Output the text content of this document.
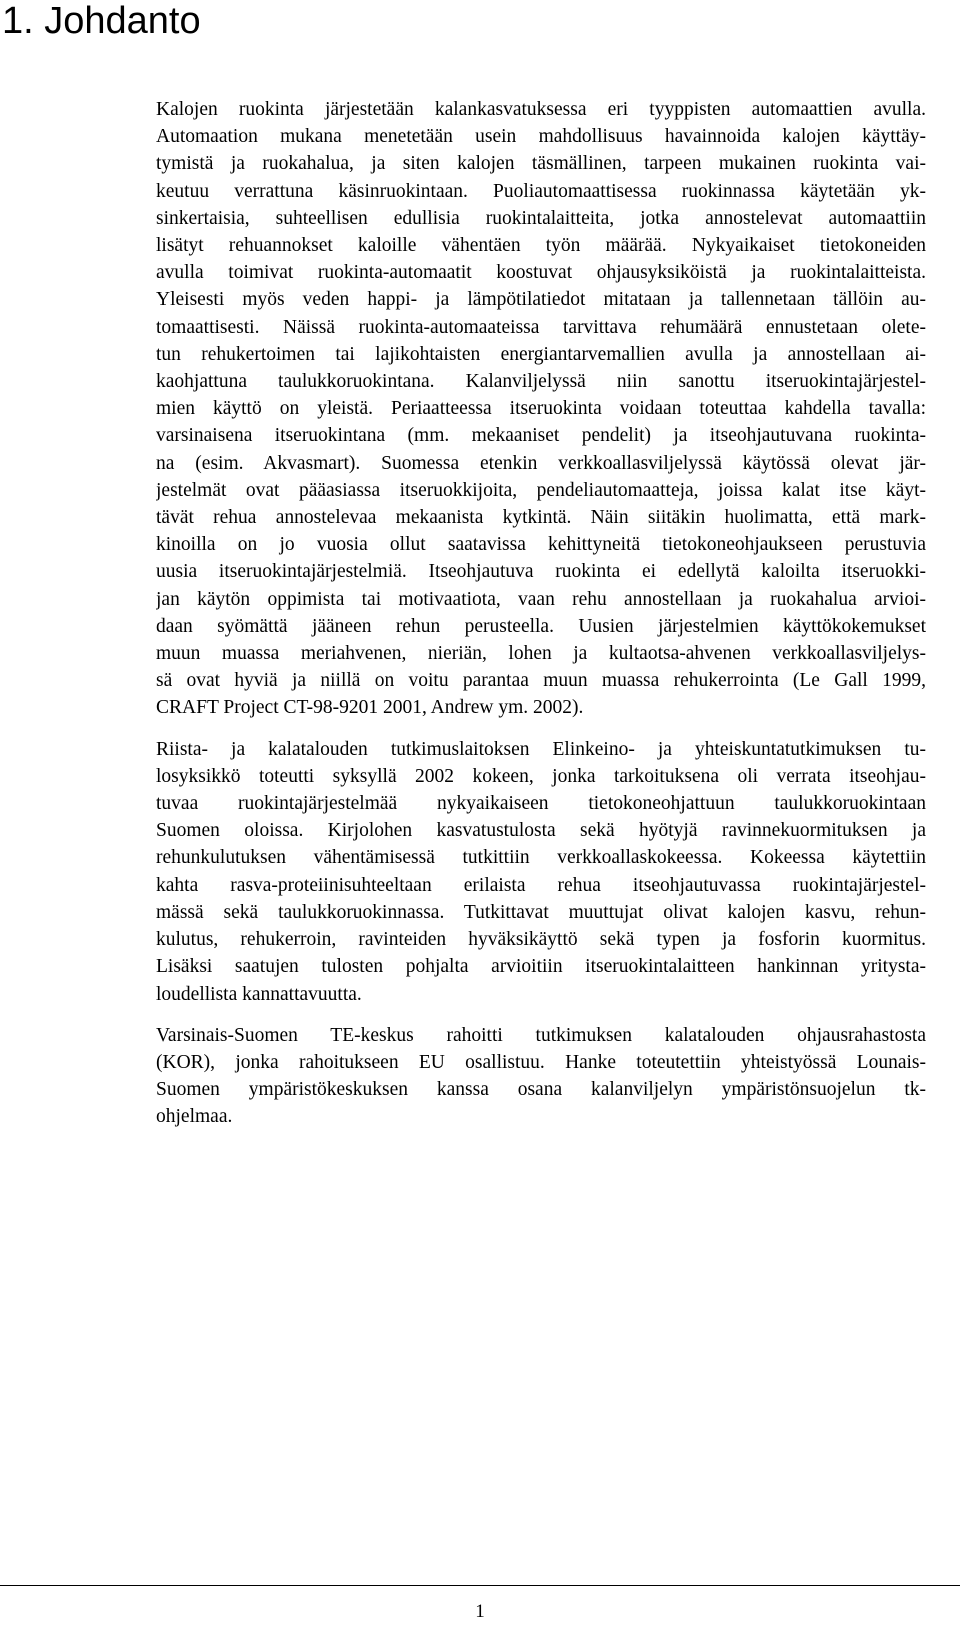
1. Johdanto

Kalojen ruokinta järjestetään kalankasvatuksessa eri tyyppisten automaattien avulla.
Automaation mukana menetetään usein mahdollisuus havainnoida kalojen käyttäy-
tymistä ja ruokahalua, ja siten kalojen täsmällinen, tarpeen mukainen ruokinta vai-
keutuu verrattuna käsinruokintaan. Puoliautomaattisessa ruokinnassa käytetään yk-
sinkertaisia, suhteellisen edullisia ruokintalaitteita, jotka annostelevat automaattiin
lisätyt rehuannokset kaloille vähentäen työn määrää. Nykyaikaiset tietokoneiden
avulla toimivat ruokinta-automaatit koostuvat ohjausyksiköistä ja ruokintalaitteista.
Yleisesti myös veden happi- ja lämpötilatiedot mitataan ja tallennetaan tällöin au-
tomaattisesti. Näissä ruokinta-automaateissa tarvittava rehumäärä ennustetaan olete-
tun rehukertoimen tai lajikohtaisten energiantarvemallien avulla ja annostellaan ai-
kaohjattuna taulukkoruokintana. Kalanviljelyssä niin sanottu itseruokintajärjestel-
mien käyttö on yleistä. Periaatteessa itseruokinta voidaan toteuttaa kahdella tavalla:
varsinaisena itseruokintana (mm. mekaaniset pendelit) ja itseohjautuvana ruokinta-
na (esim. Akvasmart). Suomessa etenkin verkkoallasviljelyssä käytössä olevat jär-
jestelmät ovat pääasiassa itseruokkijoita, pendeliautomaatteja, joissa kalat itse käyt-
tävät rehua annostelevaa mekaanista kytkintä. Näin siitäkin huolimatta, että mark-
kinoilla on jo vuosia ollut saatavissa kehittyneitä tietokoneohjaukseen perustuvia
uusia itseruokintajärjestelmiä. Itseohjautuva ruokinta ei edellytä kaloilta itseruokki-
jan käytön oppimista tai motivaatiota, vaan rehu annostellaan ja ruokahalua arvioi-
daan syömättä jääneen rehun perusteella. Uusien järjestelmien käyttökokemukset
muun muassa meriahvenen, nieriän, lohen ja kultaotsa-ahvenen verkkoallasviljelys-
sä ovat hyviä ja niillä on voitu parantaa muun muassa rehukerrointa (Le Gall 1999,
CRAFT Project CT-98-9201 2001, Andrew ym. 2002).

Riista- ja kalatalouden tutkimuslaitoksen Elinkeino- ja yhteiskuntatutkimuksen tu-
losyksikkö toteutti syksyllä 2002 kokeen, jonka tarkoituksena oli verrata itseohjau-
tuvaa ruokintajärjestelmää nykyaikaiseen tietokoneohjattuun taulukkoruokintaan
Suomen oloissa. Kirjolohen kasvatustulosta sekä hyötyjä ravinnekuormituksen ja
rehunkulutuksen vähentämisessä tutkittiin verkkoallaskokeessa. Kokeessa käytettiin
kahta rasva-proteiinisuhteeltaan erilaista rehua itseohjautuvassa ruokintajärjestel-
mässä sekä taulukkoruokinnassa. Tutkittavat muuttujat olivat kalojen kasvu, rehun-
kulutus, rehukerroin, ravinteiden hyväksikäyttö sekä typen ja fosforin kuormitus.
Lisäksi saatujen tulosten pohjalta arvioitiin itseruokintalaitteen hankinnan yritysta-
loudellista kannattavuutta.

Varsinais-Suomen TE-keskus rahoitti tutkimuksen kalatalouden ohjausrahastosta
(KOR), jonka rahoitukseen EU osallistuu. Hanke toteutettiin yhteistyössä Lounais-
Suomen ympäristökeskuksen kanssa osana kalanviljelyn ympäristönsuojelun tk-
ohjelmaa.

1
